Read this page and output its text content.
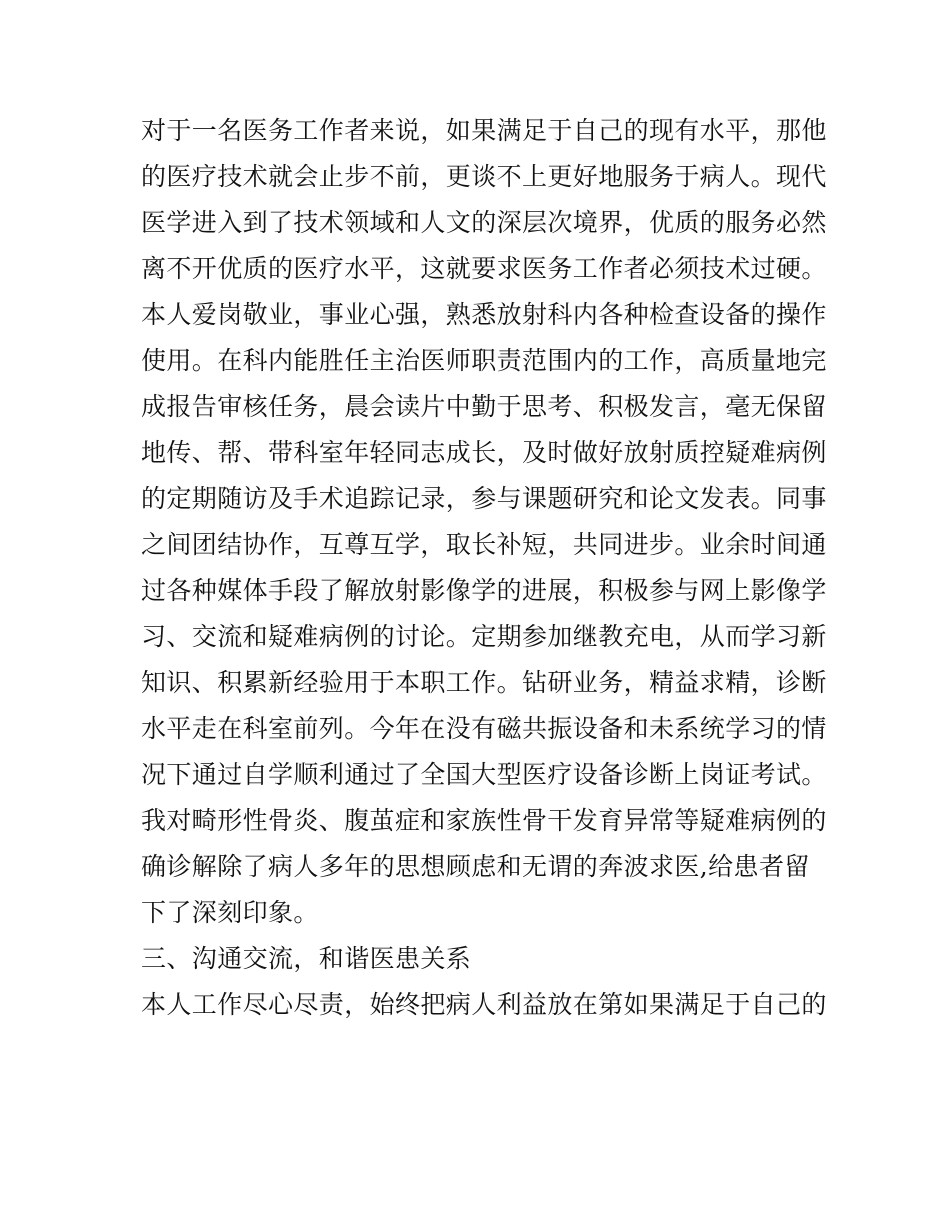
对于一名医务工作者来说，如果满足于自己的现有水平，那他
的医疗技术就会止步不前，更谈不上更好地服务于病人。现代
医学进入到了技术领域和人文的深层次境界，优质的服务必然
离不开优质的医疗水平，这就要求医务工作者必须技术过硬。
本人爱岗敬业，事业心强，熟悉放射科内各种检查设备的操作
使用。在科内能胜任主治医师职责范围内的工作，高质量地完
成报告审核任务，晨会读片中勤于思考、积极发言，毫无保留
地传、帮、带科室年轻同志成长，及时做好放射质控疑难病例
的定期随访及手术追踪记录，参与课题研究和论文发表。同事
之间团结协作，互尊互学，取长补短，共同进步。业余时间通
过各种媒体手段了解放射影像学的进展，积极参与网上影像学
习、交流和疑难病例的讨论。定期参加继教充电，从而学习新
知识、积累新经验用于本职工作。钻研业务，精益求精，诊断
水平走在科室前列。今年在没有磁共振设备和未系统学习的情
况下通过自学顺利通过了全国大型医疗设备诊断上岗证考试。
我对畸形性骨炎、腹茧症和家族性骨干发育异常等疑难病例的
确诊解除了病人多年的思想顾虑和无谓的奔波求医,给患者留
下了深刻印象。
三、沟通交流，和谐医患关系
本人工作尽心尽责，始终把病人利益放在第如果满足于自己的
